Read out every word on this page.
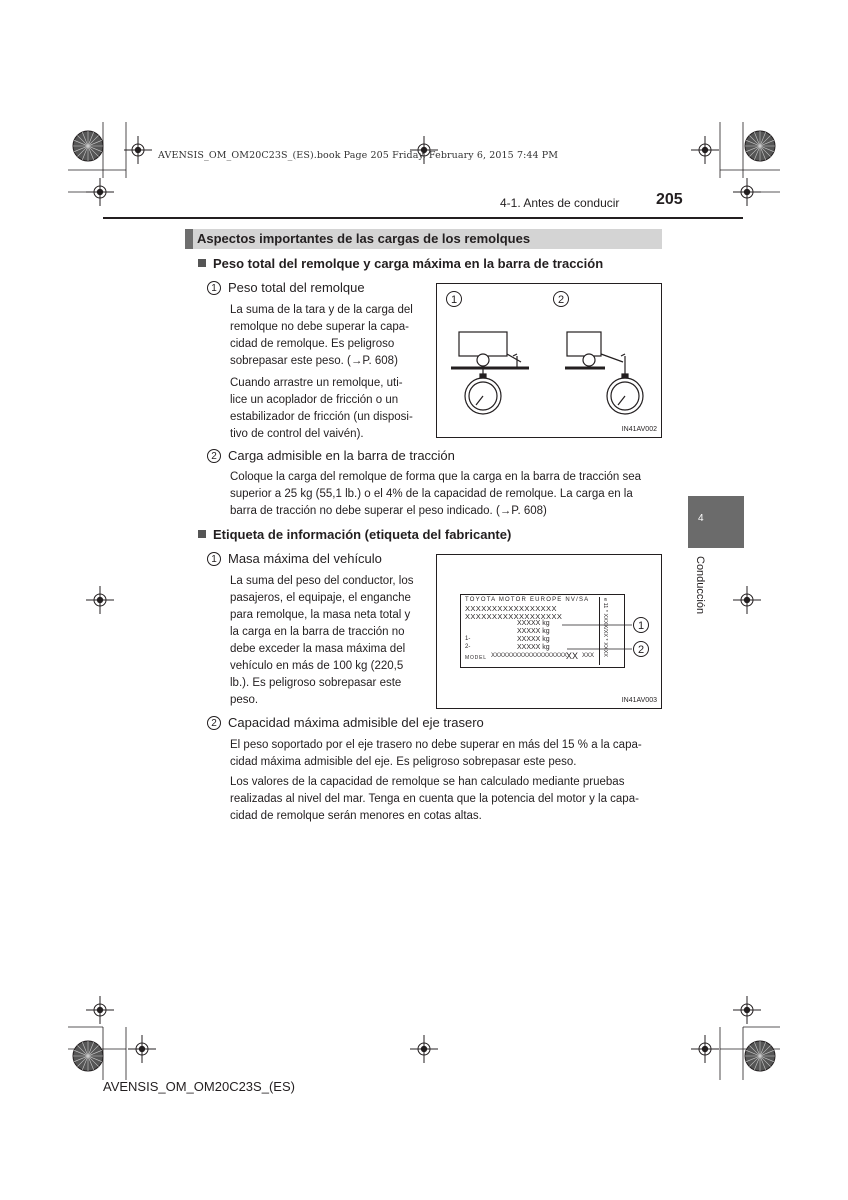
AVENSIS_OM_OM20C23S_(ES).book Page 205 Friday, February 6, 2015 7:44 PM
4-1. Antes de conducir 205
Aspectos importantes de las cargas de los remolques
Peso total del remolque y carga máxima en la barra de tracción
1 Peso total del remolque
La suma de la tara y de la carga del
remolque no debe superar la capa-
cidad de remolque. Es peligroso
sobrepasar este peso. (→P. 608)
Cuando arrastre un remolque, uti-
lice un acoplador de fricción o un
estabilizador de fricción (un disposi-
tivo de control del vaivén).
1	2
IN41AV002
2 Carga admisible en la barra de tracción
Coloque la carga del remolque de forma que la carga en la barra de tracción sea
superior a 25 kg (55,1 lb.) o el 4% de la capacidad de remolque. La carga en la
barra de tracción no debe superar el peso indicado. (→P. 608)
Etiqueta de información (etiqueta del fabricante)
1 Masa máxima del vehículo
La suma del peso del conductor, los
pasajeros, el equipaje, el enganche
para remolque, la masa neta total y
la carga en la barra de tracción no
debe exceder la masa máxima del
vehículo en más de 100 kg (220,5
lb.). Es peligroso sobrepasar este
peso.
TOYOTA MOTOR EUROPE NV/SA
XXXXXXXXXXXXXXXXX
XXXXXXXXXXXXXXXXXX
XXXXX kg
XXXXX kg
1-	XXXXX kg
2-	XXXXX kg
MODEL XXXXXXXXXXXXXXXXXXX
XX XXX e 11 * XXXX/XX * XXXX	1
2
IN41AV003
2 Capacidad máxima admisible del eje trasero
El peso soportado por el eje trasero no debe superar en más del 15 % a la capa-
cidad máxima admisible del eje. Es peligroso sobrepasar este peso.
Los valores de la capacidad de remolque se han calculado mediante pruebas
realizadas al nivel del mar. Tenga en cuenta que la potencia del motor y la capa-
cidad de remolque serán menores en cotas altas.
4
Conducción
AVENSIS_OM_OM20C23S_(ES)
